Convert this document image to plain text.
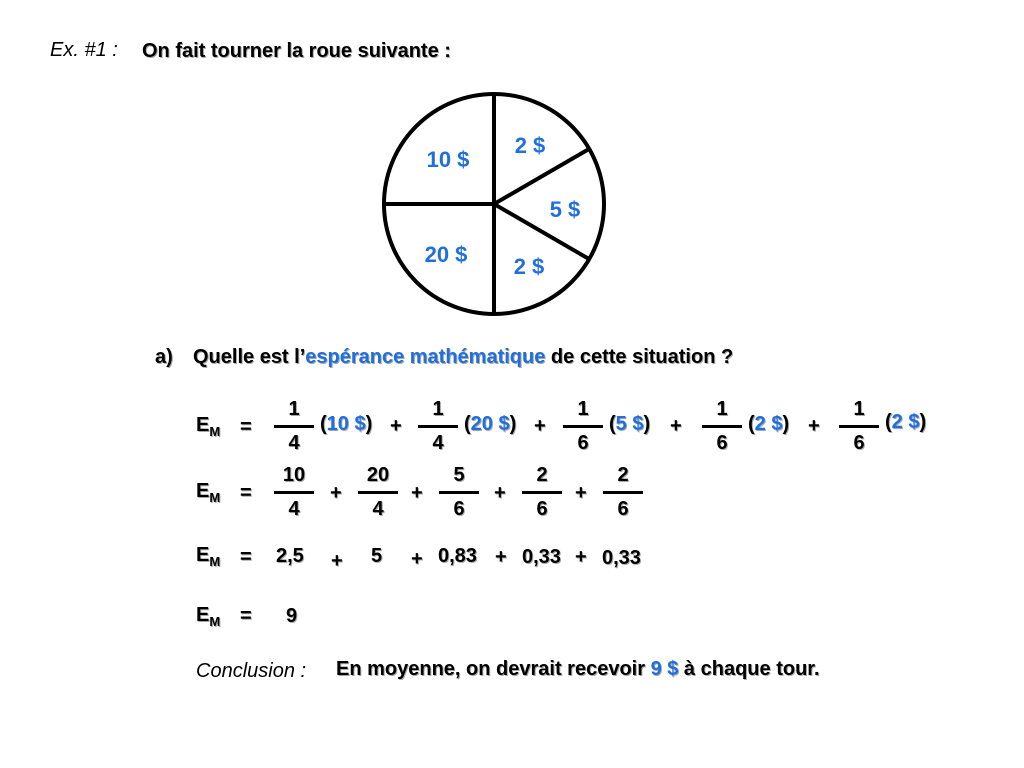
Ex. #1 : On fait tourner la roue suivante :
10 $
2 $
5 $
2 $
20 $
a) Quelle est l’espérance mathématique de cette situation ?
$E_M$ =
1
4
(10 $) +
1
4
(20 $) +
1
6
(5 $) +
1
6
(2 $) +
1
6
(2 $)
$E_M$ =
10
4
+
20
4
+
5
6
+
2
6
+
2
6
$E_M = 2,5 + 5 + 0,83 + 0,33 + 0,33$
$E_M = 9$
Conclusion : En moyenne, on devrait recevoir 9 $ à chaque tour.
